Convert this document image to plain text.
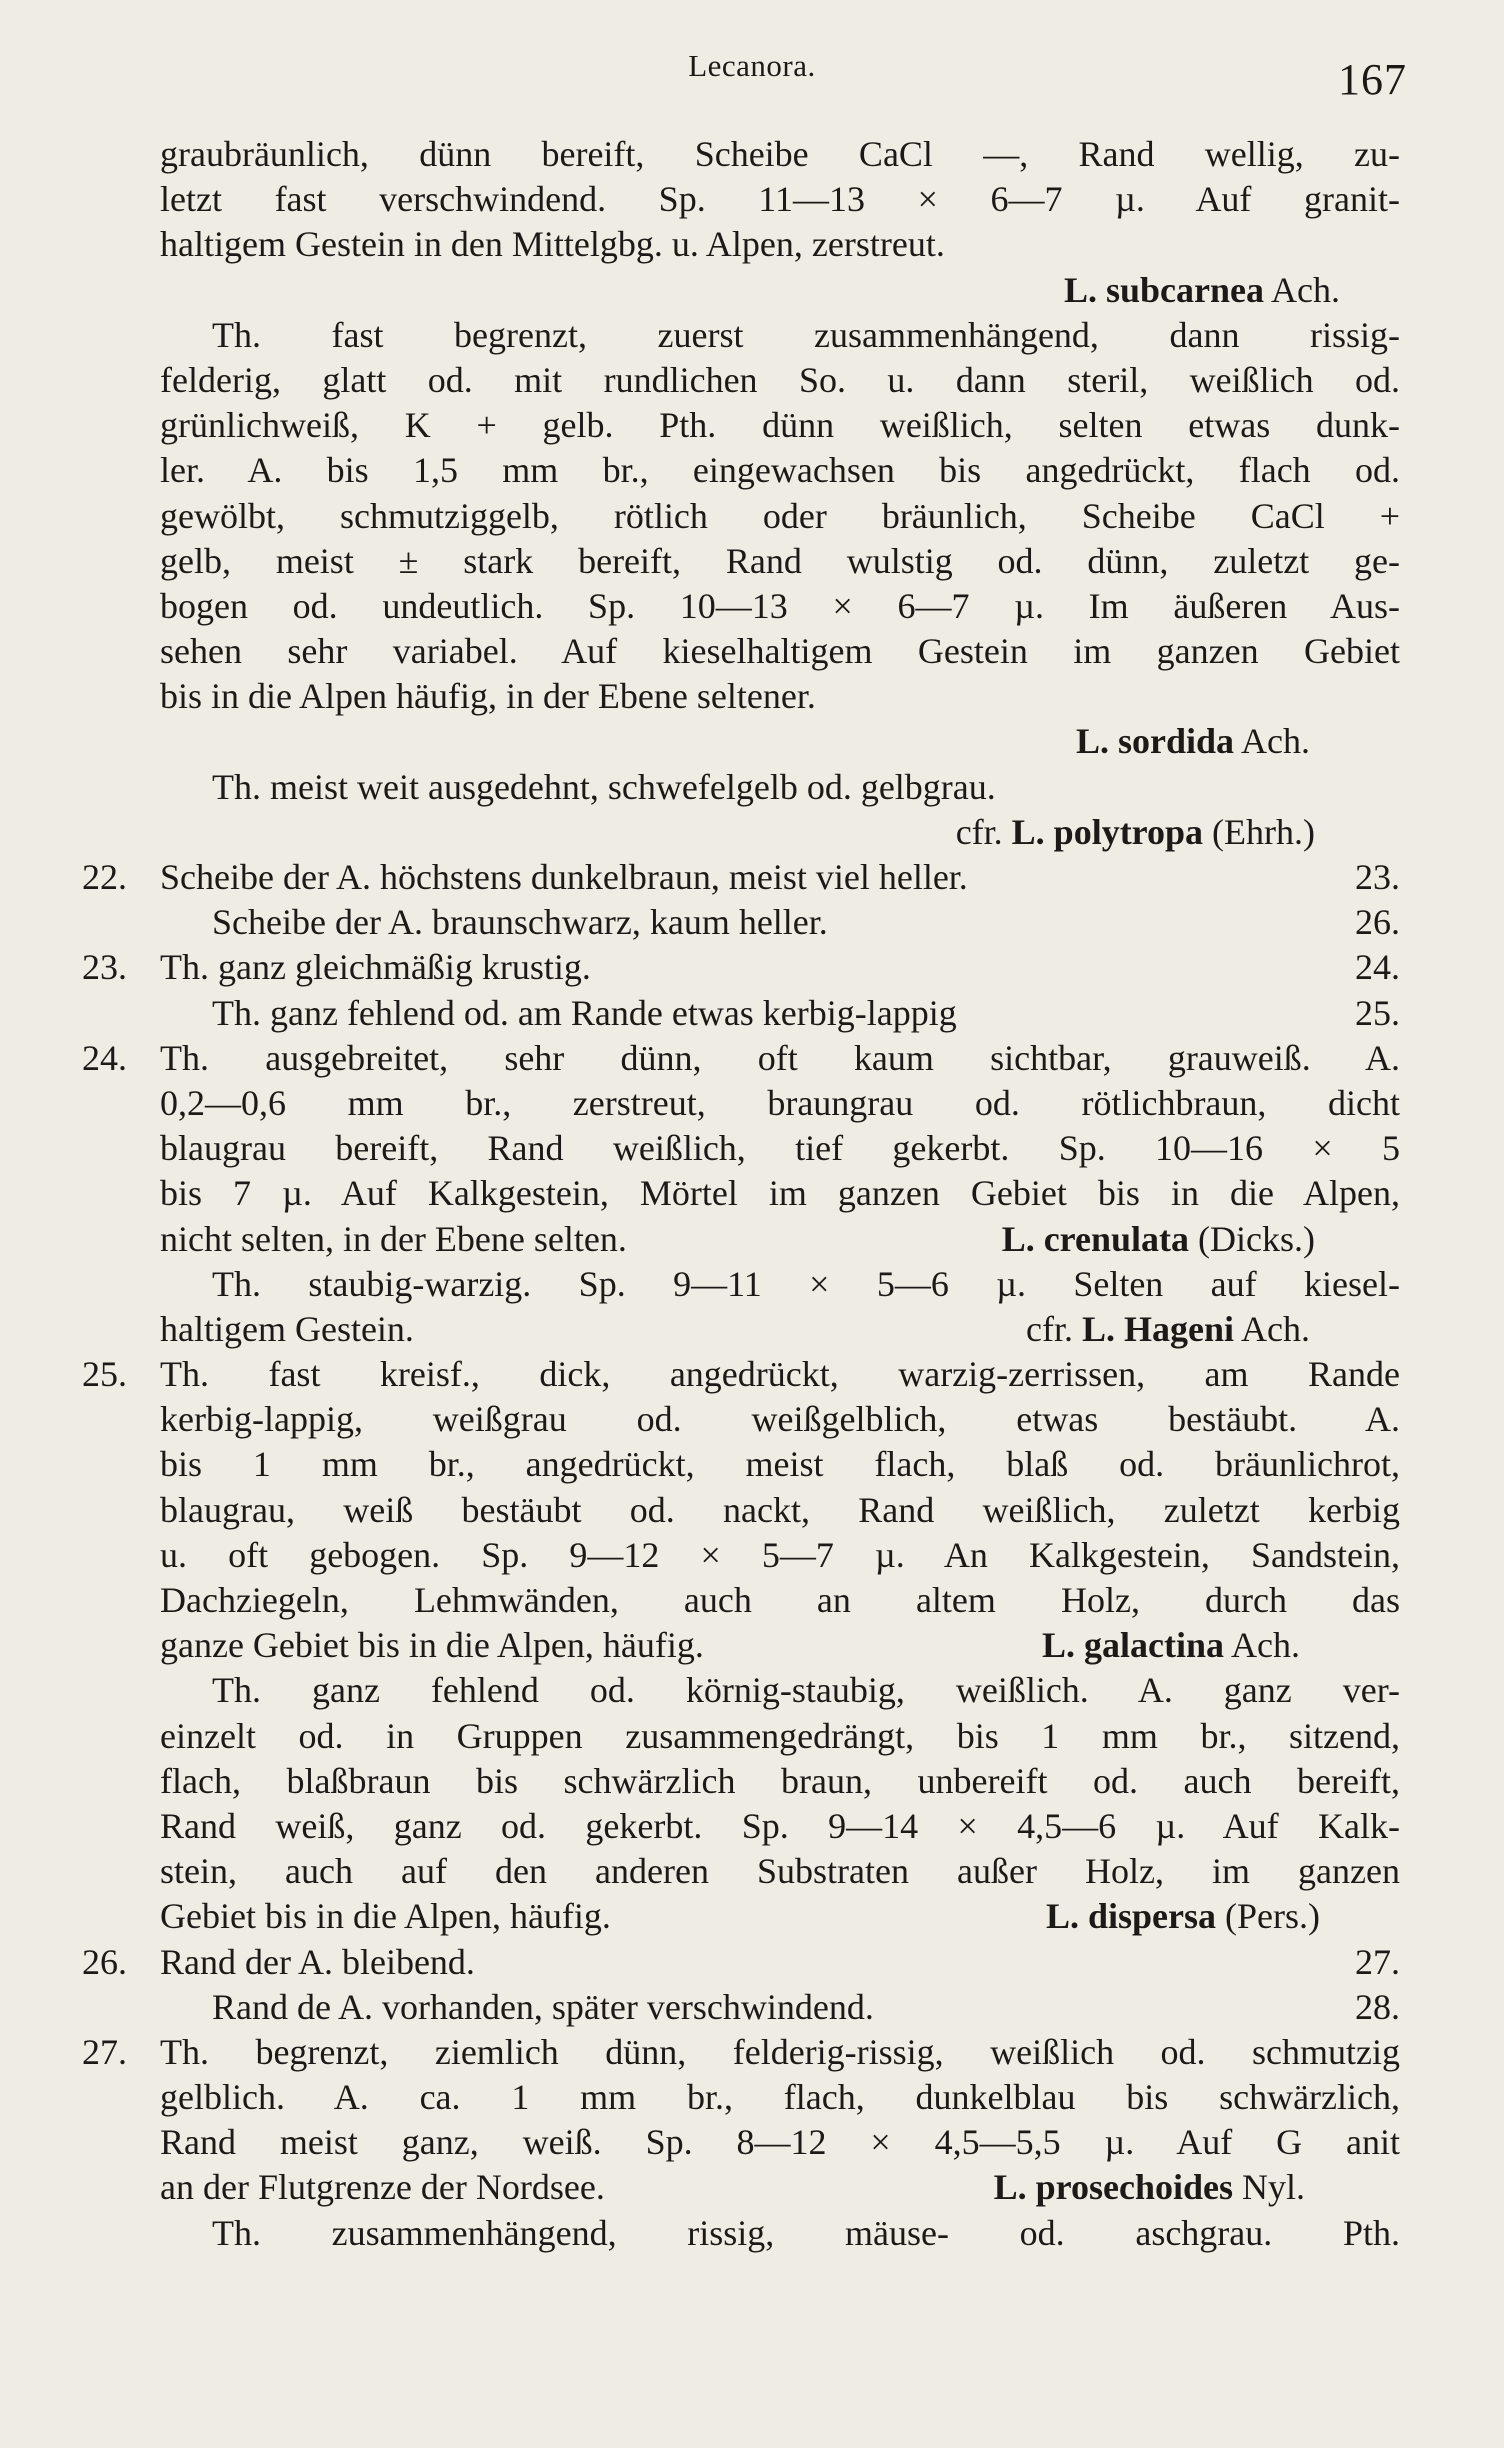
Lecanora.	167
graubräunlich, dünn bereift, Scheibe CaCl —, Rand wellig, zu-
letzt fast verschwindend. Sp. 11—13 × 6—7 µ. Auf granit-
haltigem Gestein in den Mittelgbg. u. Alpen, zerstreut.
L. subcarnea Ach.
Th. fast begrenzt, zuerst zusammenhängend, dann rissig-
felderig, glatt od. mit rundlichen So. u. dann steril, weißlich od.
grünlichweiß, K + gelb. Pth. dünn weißlich, selten etwas dunk-
ler. A. bis 1,5 mm br., eingewachsen bis angedrückt, flach od.
gewölbt, schmutziggelb, rötlich oder bräunlich, Scheibe CaCl +
gelb, meist ± stark bereift, Rand wulstig od. dünn, zuletzt ge-
bogen od. undeutlich. Sp. 10—13 × 6—7 µ. Im äußeren Aus-
sehen sehr variabel. Auf kieselhaltigem Gestein im ganzen Gebiet
bis in die Alpen häufig, in der Ebene seltener.
L. sordida Ach.
Th. meist weit ausgedehnt, schwefelgelb od. gelbgrau.
cfr. L. polytropa (Ehrh.)
22. Scheibe der A. höchstens dunkelbraun, meist viel heller.	23.
Scheibe der A. braunschwarz, kaum heller.	26.
23. Th. ganz gleichmäßig krustig.	24.
Th. ganz fehlend od. am Rande etwas kerbig-lappig	25.
24. Th. ausgebreitet, sehr dünn, oft kaum sichtbar, grauweiß. A.
0,2—0,6 mm br., zerstreut, braungrau od. rötlichbraun, dicht
blaugrau bereift, Rand weißlich, tief gekerbt. Sp. 10—16 × 5
bis 7 µ. Auf Kalkgestein, Mörtel im ganzen Gebiet bis in die Alpen,
nicht selten, in der Ebene selten.	L. crenulata (Dicks.)
Th. staubig-warzig. Sp. 9—11 × 5—6 µ. Selten auf kiesel-
haltigem Gestein.	cfr. L. Hageni Ach.
25. Th. fast kreisf., dick, angedrückt, warzig-zerrissen, am Rande
kerbig-lappig, weißgrau od. weißgelblich, etwas bestäubt. A.
bis 1 mm br., angedrückt, meist flach, blaß od. bräunlichrot,
blaugrau, weiß bestäubt od. nackt, Rand weißlich, zuletzt kerbig
u. oft gebogen. Sp. 9—12 × 5—7 µ. An Kalkgestein, Sandstein,
Dachziegeln, Lehmwänden, auch an altem Holz, durch das
ganze Gebiet bis in die Alpen, häufig.	L. galactina Ach.
Th. ganz fehlend od. körnig-staubig, weißlich. A. ganz ver-
einzelt od. in Gruppen zusammengedrängt, bis 1 mm br., sitzend,
flach, blaßbraun bis schwärzlich braun, unbereift od. auch bereift,
Rand weiß, ganz od. gekerbt. Sp. 9—14 × 4,5—6 µ. Auf Kalk-
stein, auch auf den anderen Substraten außer Holz, im ganzen
Gebiet bis in die Alpen, häufig.	L. dispersa (Pers.)
26. Rand der A. bleibend.	27.
Rand de A. vorhanden, später verschwindend.	28.
27. Th. begrenzt, ziemlich dünn, felderig-rissig, weißlich od. schmutzig
gelblich. A. ca. 1 mm br., flach, dunkelblau bis schwärzlich,
Rand meist ganz, weiß. Sp. 8—12 × 4,5—5,5 µ. Auf G anit
an der Flutgrenze der Nordsee.	L. prosechoides Nyl.
Th. zusammenhängend, rissig, mäuse- od. aschgrau. Pth.
